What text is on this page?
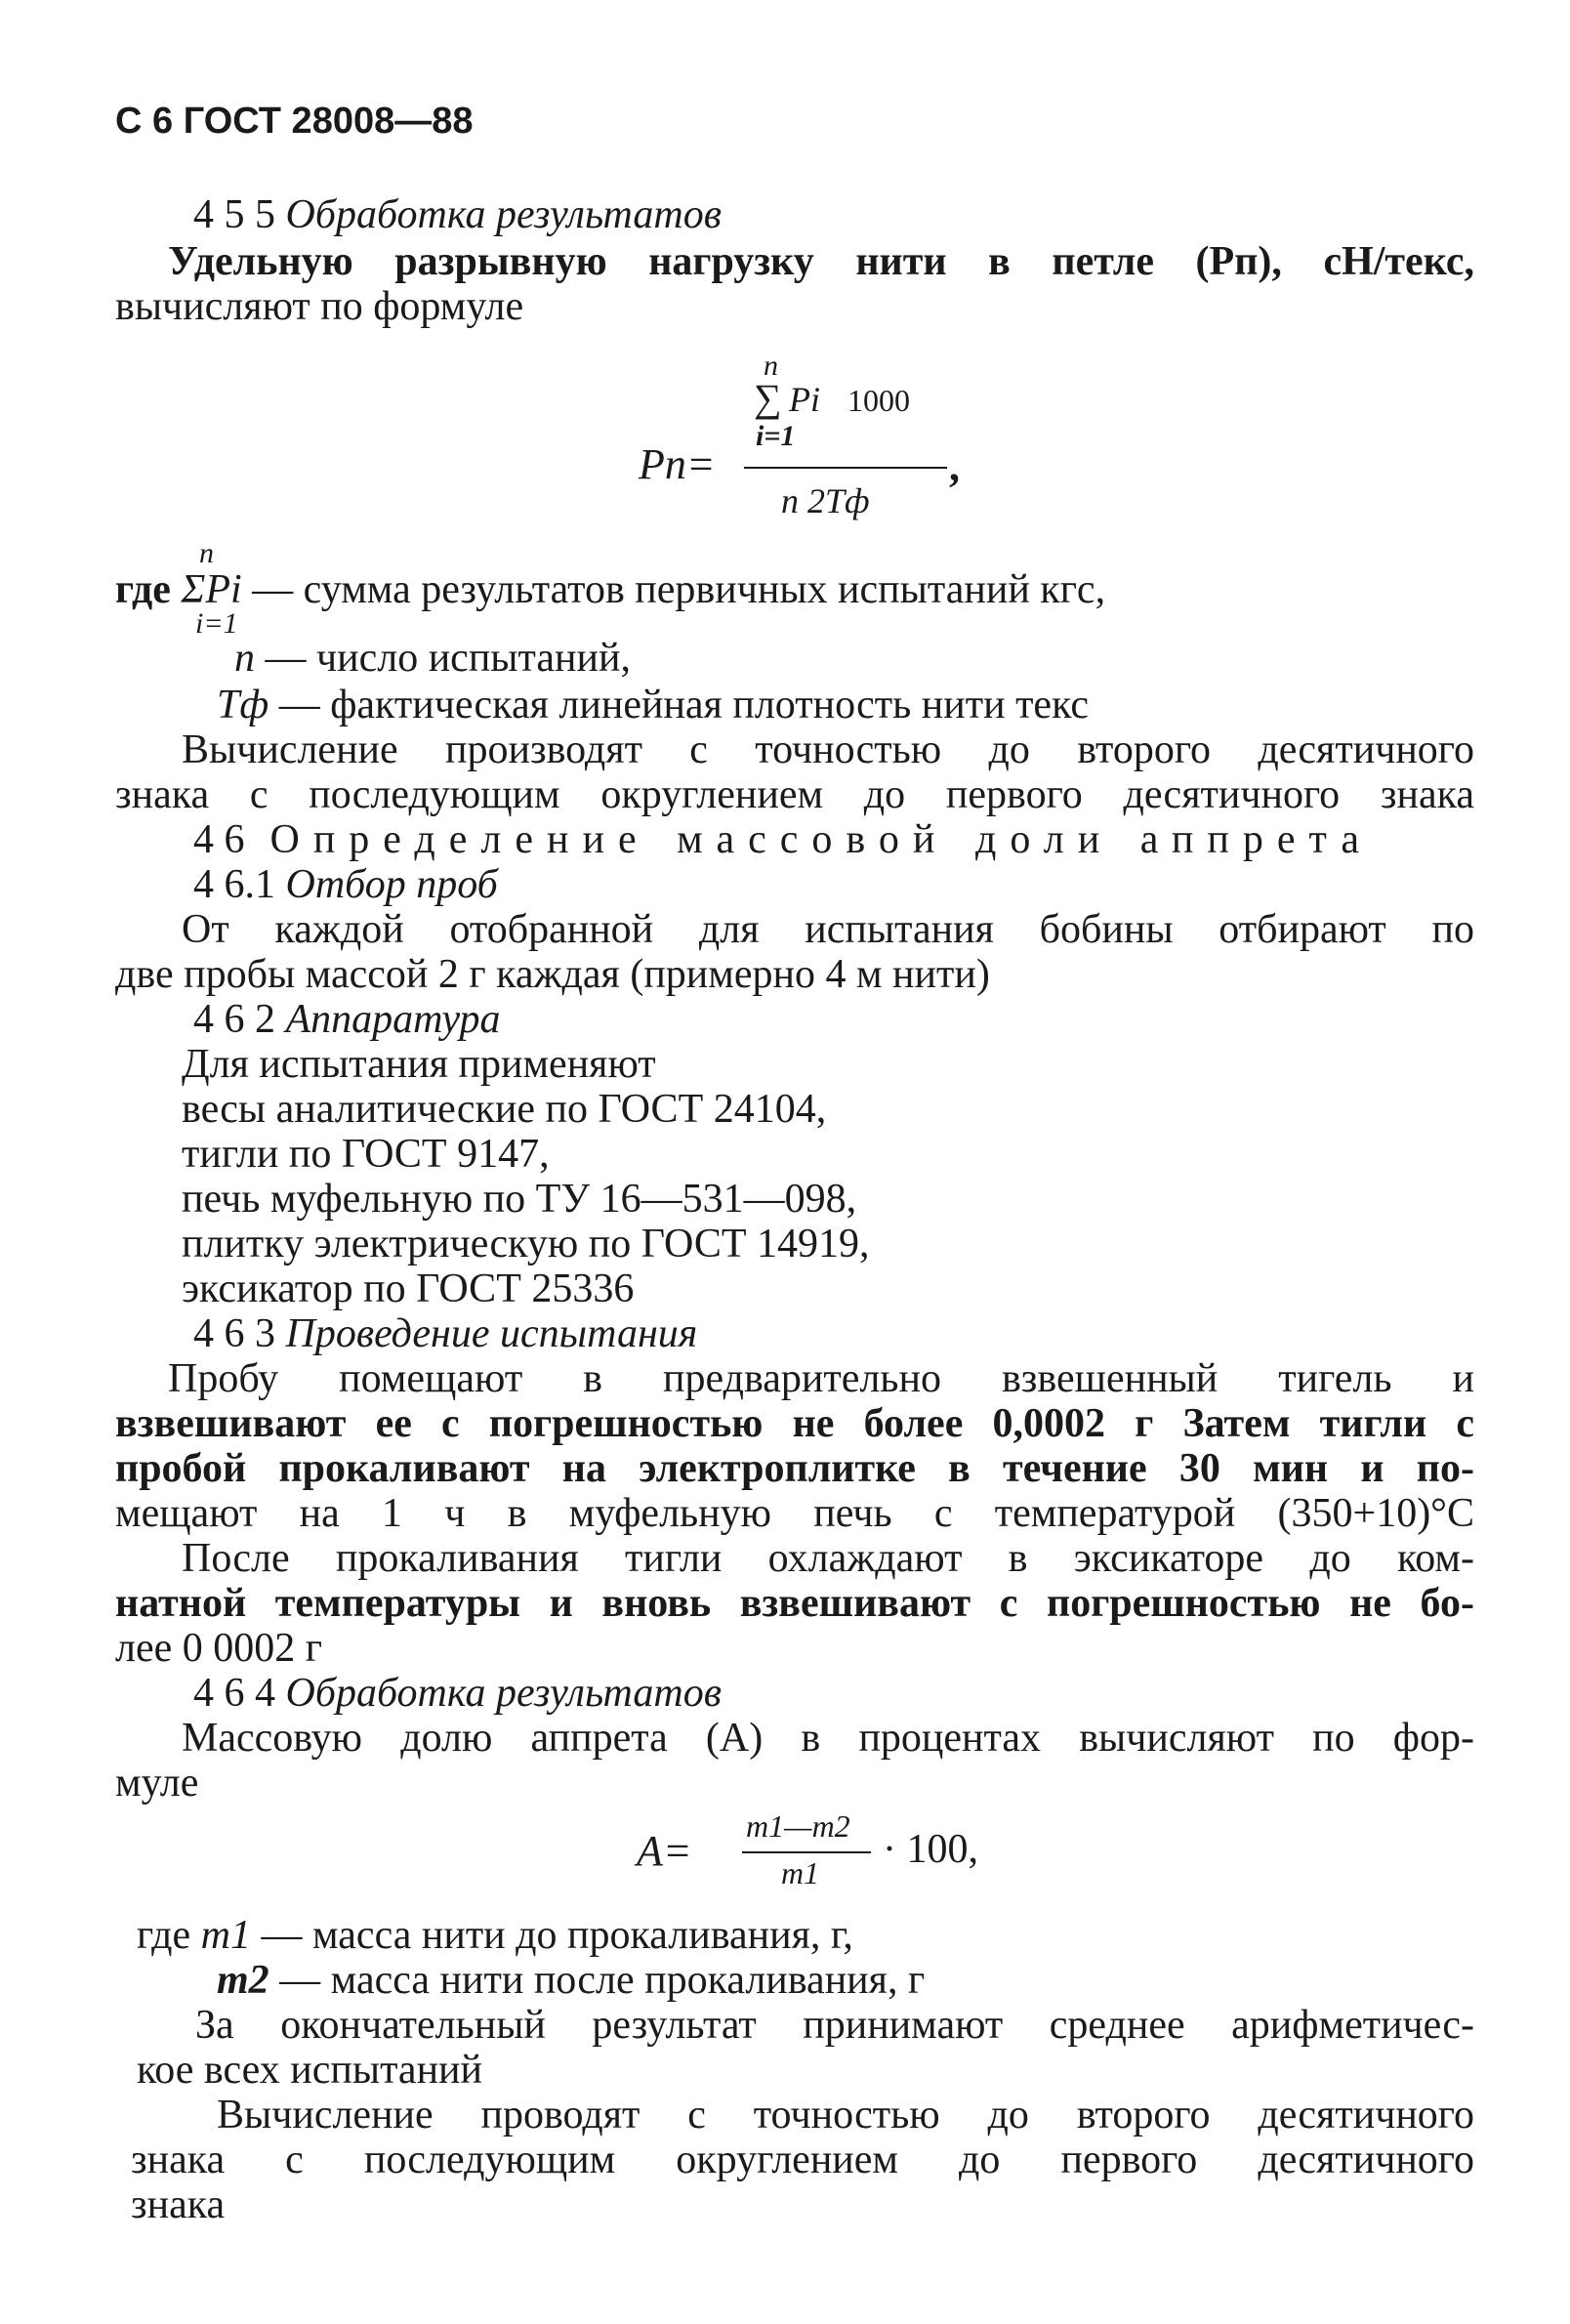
С 6 ГОСТ 28008—88
4 5 5 Обработка результатов
Удельную разрывную нагрузку нити в петле (Pп), сН/текс,
вычисляют по формуле
n
∑ Pi 1000
i=1
Pп=	,
n 2Tф
n
где ΣPi — сумма результатов первичных испытаний кгс,
i=1
n — число испытаний,
Tф — фактическая линейная плотность нити текс
Вычисление производят с точностью до второго десятичного
знака с последующим округлением до первого десятичного знака
4 6 Определение массовой доли аппрета
4 6.1 Отбор проб
От каждой отобранной для испытания бобины отбирают по
две пробы массой 2 г каждая (примерно 4 м нити)
4 6 2 Аппаратура
Для испытания применяют
весы аналитические по ГОСТ 24104,
тигли по ГОСТ 9147,
печь муфельную по ТУ 16—531—098,
плитку электрическую по ГОСТ 14919,
эксикатор по ГОСТ 25336
4 6 3 Проведение испытания
Пробу помещают в предварительно взвешенный тигель и
взвешивают ее с погрешностью не более 0,0002 г Затем тигли с
пробой прокаливают на электроплитке в течение 30 мин и по-
мещают на 1 ч в муфельную печь с температурой (350+10)°С
После прокаливания тигли охлаждают в эксикаторе до ком-
натной температуры и вновь взвешивают с погрешностью не бо-
лее 0 0002 г
4 6 4 Обработка результатов
Массовую долю аппрета (А) в процентах вычисляют по фор-
муле
m1—m2
A=	· 100,
m1
где m1 — масса нити до прокаливания, г,
m2 — масса нити после прокаливания, г
За окончательный результат принимают среднее арифметичес-
кое всех испытаний
Вычисление проводят с точностью до второго десятичного
знака с последующим округлением до первого десятичного
знака
